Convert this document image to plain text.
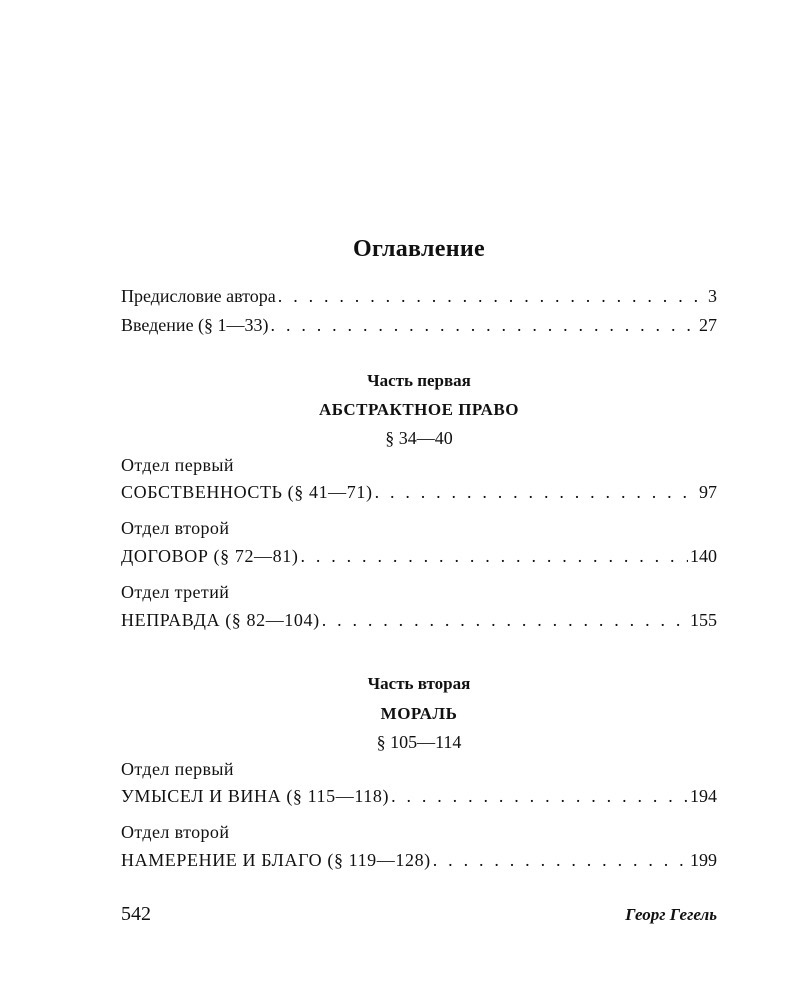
Оглавление
Предисловие автора . . .	3
Введение (§ 1—33) . . .	27
Часть первая
АБСТРАКТНОЕ ПРАВО
§ 34—40
Отдел первый
СОБСТВЕННОСТЬ (§ 41—71) . . .	97
Отдел второй
ДОГОВОР (§ 72—81) . . .	140
Отдел третий
НЕПРАВДА (§ 82—104) . . .	155
Часть вторая
МОРАЛЬ
§ 105—114
Отдел первый
УМЫСЕЛ И ВИНА (§ 115—118) . . .	194
Отдел второй
НАМЕРЕНИЕ И БЛАГО (§ 119—128) . . .	199
542	Георг Гегель
